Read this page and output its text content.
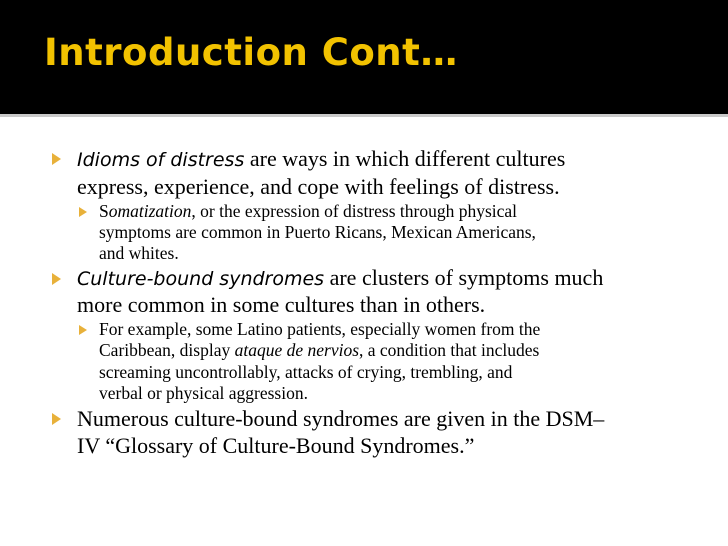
Introduction Cont…
Idioms of distress are ways in which different cultures
express, experience, and cope with feelings of distress.
Somatization, or the expression of distress through physical
symptoms are common in Puerto Ricans, Mexican Americans,
and whites.
Culture-bound syndromes are clusters of symptoms much
more common in some cultures than in others.
For example, some Latino patients, especially women from the
Caribbean, display ataque de nervios, a condition that includes
screaming uncontrollably, attacks of crying, trembling, and
verbal or physical aggression.
Numerous culture-bound syndromes are given in the DSM–
IV “Glossary of Culture-Bound Syndromes.”
